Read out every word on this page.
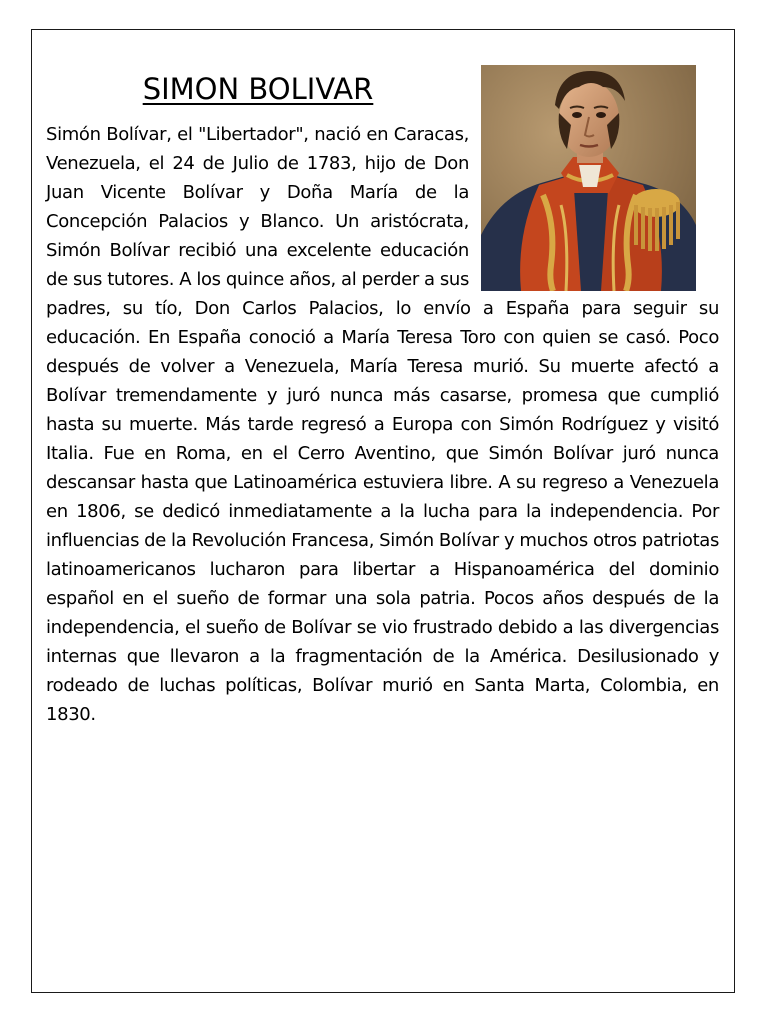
SIMON BOLIVAR

Simón Bolívar, el "Libertador", nació en Caracas, Venezuela, el 24 de Julio de 1783, hijo de Don Juan Vicente Bolívar y Doña María de la Concepción Palacios y Blanco. Un aristócrata, Simón Bolívar recibió una excelente educación de sus tutores. A los quince años, al perder a sus padres, su tío, Don Carlos Palacios, lo envío a España para seguir su educación. En España conoció a María Teresa Toro con quien se casó. Poco después de volver a Venezuela, María Teresa murió. Su muerte afectó a Bolívar tremendamente y juró nunca más casarse, promesa que cumplió hasta su muerte. Más tarde regresó a Europa con Simón Rodríguez y visitó Italia. Fue en Roma, en el Cerro Aventino, que Simón Bolívar juró nunca descansar hasta que Latinoamérica estuviera libre. A su regreso a Venezuela en 1806, se dedicó inmediatamente a la lucha para la independencia. Por influencias de la Revolución Francesa, Simón Bolívar y muchos otros patriotas latinoamericanos lucharon para libertar a Hispanoamérica del dominio español en el sueño de formar una sola patria. Pocos años después de la independencia, el sueño de Bolívar se vio frustrado debido a las divergencias internas que llevaron a la fragmentación de la América. Desilusionado y rodeado de luchas políticas, Bolívar murió en Santa Marta, Colombia, en 1830.
